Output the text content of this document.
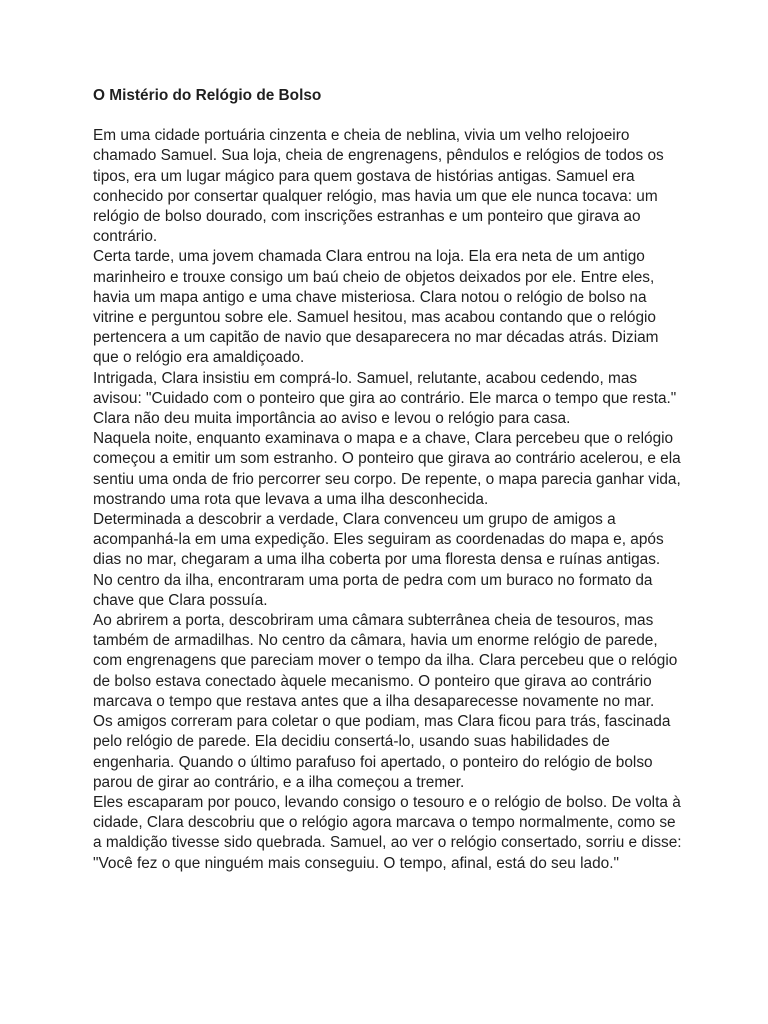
O Mistério do Relógio de Bolso

Em uma cidade portuária cinzenta e cheia de neblina, vivia um velho relojoeiro chamado Samuel. Sua loja, cheia de engrenagens, pêndulos e relógios de todos os tipos, era um lugar mágico para quem gostava de histórias antigas. Samuel era conhecido por consertar qualquer relógio, mas havia um que ele nunca tocava: um relógio de bolso dourado, com inscrições estranhas e um ponteiro que girava ao contrário.

Certa tarde, uma jovem chamada Clara entrou na loja. Ela era neta de um antigo marinheiro e trouxe consigo um baú cheio de objetos deixados por ele. Entre eles, havia um mapa antigo e uma chave misteriosa. Clara notou o relógio de bolso na vitrine e perguntou sobre ele. Samuel hesitou, mas acabou contando que o relógio pertencera a um capitão de navio que desaparecera no mar décadas atrás. Diziam que o relógio era amaldiçoado.

Intrigada, Clara insistiu em comprá-lo. Samuel, relutante, acabou cedendo, mas avisou: "Cuidado com o ponteiro que gira ao contrário. Ele marca o tempo que resta." Clara não deu muita importância ao aviso e levou o relógio para casa.

Naquela noite, enquanto examinava o mapa e a chave, Clara percebeu que o relógio começou a emitir um som estranho. O ponteiro que girava ao contrário acelerou, e ela sentiu uma onda de frio percorrer seu corpo. De repente, o mapa parecia ganhar vida, mostrando uma rota que levava a uma ilha desconhecida.

Determinada a descobrir a verdade, Clara convenceu um grupo de amigos a acompanhá-la em uma expedição. Eles seguiram as coordenadas do mapa e, após dias no mar, chegaram a uma ilha coberta por uma floresta densa e ruínas antigas. No centro da ilha, encontraram uma porta de pedra com um buraco no formato da chave que Clara possuía.

Ao abrirem a porta, descobriram uma câmara subterrânea cheia de tesouros, mas também de armadilhas. No centro da câmara, havia um enorme relógio de parede, com engrenagens que pareciam mover o tempo da ilha. Clara percebeu que o relógio de bolso estava conectado àquele mecanismo. O ponteiro que girava ao contrário marcava o tempo que restava antes que a ilha desaparecesse novamente no mar.

Os amigos correram para coletar o que podiam, mas Clara ficou para trás, fascinada pelo relógio de parede. Ela decidiu consertá-lo, usando suas habilidades de engenharia. Quando o último parafuso foi apertado, o ponteiro do relógio de bolso parou de girar ao contrário, e a ilha começou a tremer.

Eles escaparam por pouco, levando consigo o tesouro e o relógio de bolso. De volta à cidade, Clara descobriu que o relógio agora marcava o tempo normalmente, como se a maldição tivesse sido quebrada. Samuel, ao ver o relógio consertado, sorriu e disse: "Você fez o que ninguém mais conseguiu. O tempo, afinal, está do seu lado."
